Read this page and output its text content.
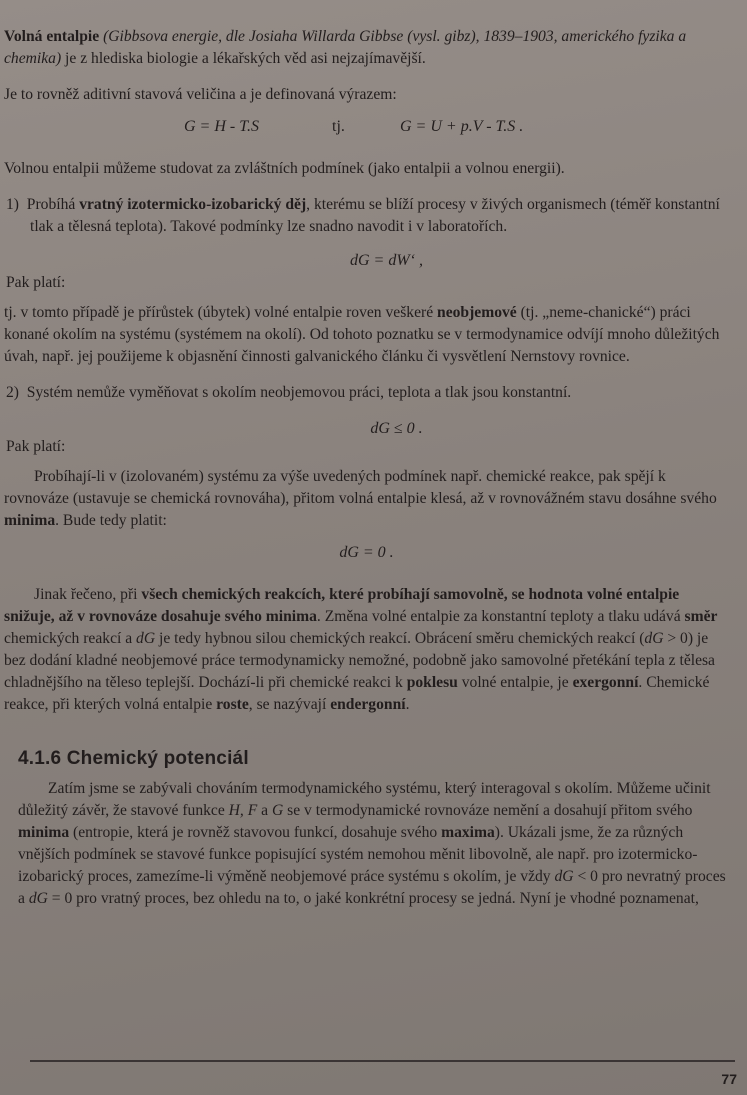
Volná entalpie (Gibbsova energie, dle Josiaha Willarda Gibbse (vysl. gibz), 1839–1903, amerického fyzika a chemika) je z hlediska biologie a lékařských věd asi nejzajímavější.

Je to rovněž aditivní stavová veličina a je definovaná výrazem:

G = H - T.S	tj.	G = U + p.V - T.S .

Volnou entalpii můžeme studovat za zvláštních podmínek (jako entalpii a volnou energii).

1) Probíhá vratný izotermicko-izobarický děj, kterému se blíží procesy v živých organismech (téměř konstantní tlak a tělesná teplota). Takové podmínky lze snadno navodit i v laboratořích.

Pak platí:
dG = dW‘ ,

tj. v tomto případě je přírůstek (úbytek) volné entalpie roven veškeré neobjemové (tj. „neme-chanické“) práci konané okolím na systému (systémem na okolí). Od tohoto poznatku se v termodynamice odvíjí mnoho důležitých úvah, např. jej použijeme k objasnění činnosti galvanického článku či vysvětlení Nernstovy rovnice.

2) Systém nemůže vyměňovat s okolím neobjemovou práci, teplota a tlak jsou konstantní.

Pak platí:
dG ≤ 0 .

Probíhají-li v (izolovaném) systému za výše uvedených podmínek např. chemické reakce, pak spějí k rovnováze (ustavuje se chemická rovnováha), přitom volná entalpie klesá, až v rovnovážném stavu dosáhne svého minima. Bude tedy platit:

dG = 0 .

Jinak řečeno, při všech chemických reakcích, které probíhají samovolně, se hodnota volné entalpie snižuje, až v rovnováze dosahuje svého minima. Změna volné entalpie za konstantní teploty a tlaku udává směr chemických reakcí a dG je tedy hybnou silou chemických reakcí. Obrácení směru chemických reakcí (dG > 0) je bez dodání kladné neobjemové práce termodynamicky nemožné, podobně jako samovolné přetékání tepla z tělesa chladnějšího na těleso teplejší. Dochází-li při chemické reakci k poklesu volné entalpie, je exergonní. Chemické reakce, při kterých volná entalpie roste, se nazývají endergonní.

4.1.6 Chemický potenciál

Zatím jsme se zabývali chováním termodynamického systému, který interagoval s okolím. Můžeme učinit důležitý závěr, že stavové funkce H, F a G se v termodynamické rovnováze nemění a dosahují přitom svého minima (entropie, která je rovněž stavovou funkcí, dosahuje svého maxima). Ukázali jsme, že za různých vnějších podmínek se stavové funkce popisující systém nemohou měnit libovolně, ale např. pro izotermicko-izobarický proces, zamezíme-li výměně neobjemové práce systému s okolím, je vždy dG < 0 pro nevratný proces a dG = 0 pro vratný proces, bez ohledu na to, o jaké konkrétní procesy se jedná. Nyní je vhodné poznamenat,

77
